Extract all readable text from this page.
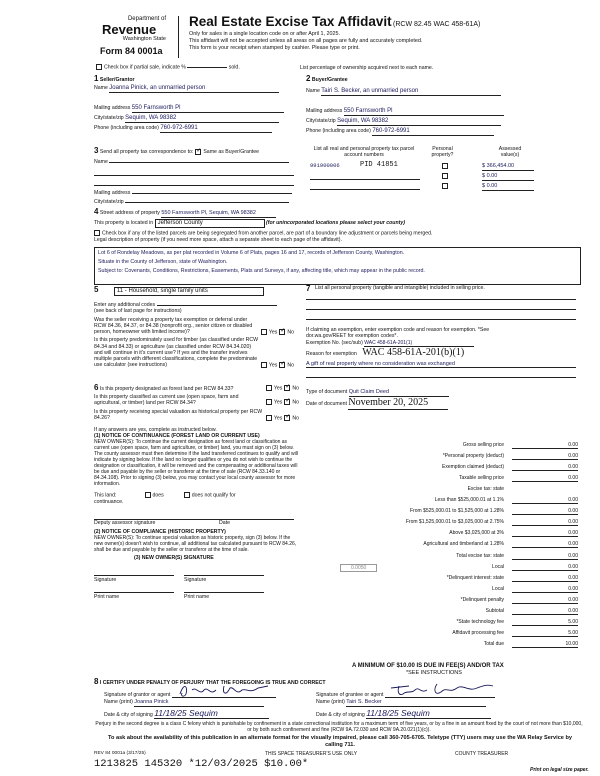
Department of
Revenue
Washington State
Form 84 0001a
Real Estate Excise Tax Affidavit (RCW 82.45 WAC 458-61A)
Only for sales in a single location code on or after April 1, 2025.
This affidavit will not be accepted unless all areas on all pages are fully and accurately completed.
This form is your receipt when stamped by cashier. Please type or print.
Check box if partial sale, indicate %	sold.	List percentage of ownership acquired next to each name.
1 Seller/Grantor
Name Joanna Pinick, an unmarried person
Mailing address 550 Farnsworth Pl
City/state/zip Sequim, WA 98382
Phone (including area code) 760-972-6991
2 Buyer/Grantee
Name Tairi S. Becker, an unmarried person
Mailing address 550 Farnsworth Pl
City/state/zip Sequim, WA 98382
Phone (including area code) 760-972-6991
3 Send all property tax correspondence to: ✓ Same as Buyer/Grantee
Name
Mailing address
City/state/zip
List all real and personal property tax parcel account numbers
Personal property?
Assessed value(s)
991900006	PID 41851	$ 366,454.00
$ 0.00
$ 0.00
4 Street address of property 550 Farnsworth Pl, Sequim, WA 98382
This property is located in Jefferson County	(for unincorporated locations please select your county)
Check box if any of the listed parcels are being segregated from another parcel, are part of a boundary line adjustment or parcels being merged.
Legal description of property (if you need more space, attach a separate sheet to each page of the affidavit).
Lot 6 of Rondelay Meadows, as per plat recorded in Volume 6 of Plats, pages 16 and 17, records of Jefferson County, Washington.
Situate in the County of Jefferson, state of Washington.
Subject to: Covenants, Conditions, Restrictions, Easements, Plats and Surveys, if any, affecting title, which may appear in the public record.
5	11 - Household, single family units
Enter any additional codes
(see back of last page for instructions)
Was the seller receiving a property tax exemption or deferral under RCW 84.36, 84.37, or 84.38 (nonprofit org., senior citizen or disabled person, homeowner with limited income)?	Yes ✓ No
Is this property predominately used for timber (as classified under RCW 84.34 and 84.33) or agriculture (as classified under RCW 84.34.020) and will continue in it's current use? If yes and the transfer involves multiple parcels with different classifications, complete the predominate use calculator (see instructions)	Yes ✓ No
6 Is this property designated as forest land per RCW 84.33?	Yes ✓ No
Is this property classified as current use (open space, farm and agricultural, or timber) land per RCW 84.34?	Yes ✓ No
Is this property receiving special valuation as historical property per RCW 84.26?	Yes ✓ No
If any answers are yes, complete as instructed below.
(1) NOTICE OF CONTINUANCE (FOREST LAND OR CURRENT USE)
NEW OWNER(S): To continue the current designation as forest land or classification as current use (open space, farm and agriculture, or timber) land, you must sign on (3) below. The county assessor must then determine if the land transferred continues to qualify and will indicate by signing below. If the land no longer qualifies or you do not wish to continue the designation or classification, it will be removed and the compensating or additional taxes will be due and payable by the seller or transferor at the time of sale (RCW 84.33.140 or 84.34.108). Prior to signing (3) below, you may contact your local county assessor for more information.
This land:	does	does not qualify for
continuance.
Deputy assessor signature	Date
(2) NOTICE OF COMPLIANCE (HISTORIC PROPERTY)
NEW OWNER(S): To continue special valuation as historic property, sign (3) below. If the new owner(s) doesn't wish to continue, all additional tax calculated pursuant to RCW 84.26, shall be due and payable by the seller or transferor at the time of sale.
(3) NEW OWNER(S) SIGNATURE
Signature	Signature
Print name	Print name
7 List all personal property (tangible and intangible) included in selling price.
If claiming an exemption, enter exemption code and reason for exemption. *See dor.wa.gov/REET for exemption codes*.
Exemption No. (sec/sub) WAC 458-61A-201(1)
Reason for exemption WAC 458-61A-201(b)(1)
A gift of real property where no consideration was exchanged
Type of document Quit Claim Deed
Date of document November 20, 2025
Gross selling price	0.00
*Personal property (deduct)	0.00
Exemption claimed (deduct)	0.00
Taxable selling price	0.00
Excise tax: state
Less than $525,000.01 at 1.1%	0.00
From $525,000.01 to $1,525,000 at 1.28%	0.00
From $1,525,000.01 to $3,025,000 at 2.75%	0.00
Above $3,025,000 at 3%	0.00
Agricultural and timberland at 1.28%	0.00
Total excise tax: state	0.00
Local
0.0050	0.00
*Delinquent interest: state	0.00
Local	0.00
*Delinquent penalty	0.00
Subtotal	0.00
*State technology fee	5.00
Affidavit processing fee	5.00
Total due	10.00
A MINIMUM OF $10.00 IS DUE IN FEE(S) AND/OR TAX
*SEE INSTRUCTIONS
8 I CERTIFY UNDER PENALTY OF PERJURY THAT THE FOREGOING IS TRUE AND CORRECT
Signature of grantor or agent
Name (print) Joanna Pinick
Date & city of signing 11/18/25 Sequim
Signature of grantee or agent
Name (print) Tairi S. Becker
Date & city of signing 11/18/25 Sequim
Perjury in the second degree is a class C felony which is punishable by confinement in a state correctional institution for a maximum term of five years, or by a fine in an amount fixed by the court of not more than $10,000, or by both such confinement and fine (RCW 9A.72.030 and RCW 9A.20.021(1)(c)).
To ask about the availability of this publication in an alternate format for the visually impaired, please call 360-705-6705. Teletype (TTY) users may use the WA Relay Service by calling 711.
REV 84 0001a (3/17/25)	THIS SPACE TREASURER'S USE ONLY	COUNTY TREASURER
1213825 145320 *12/03/2025 $10.00*	Print on legal size paper.
